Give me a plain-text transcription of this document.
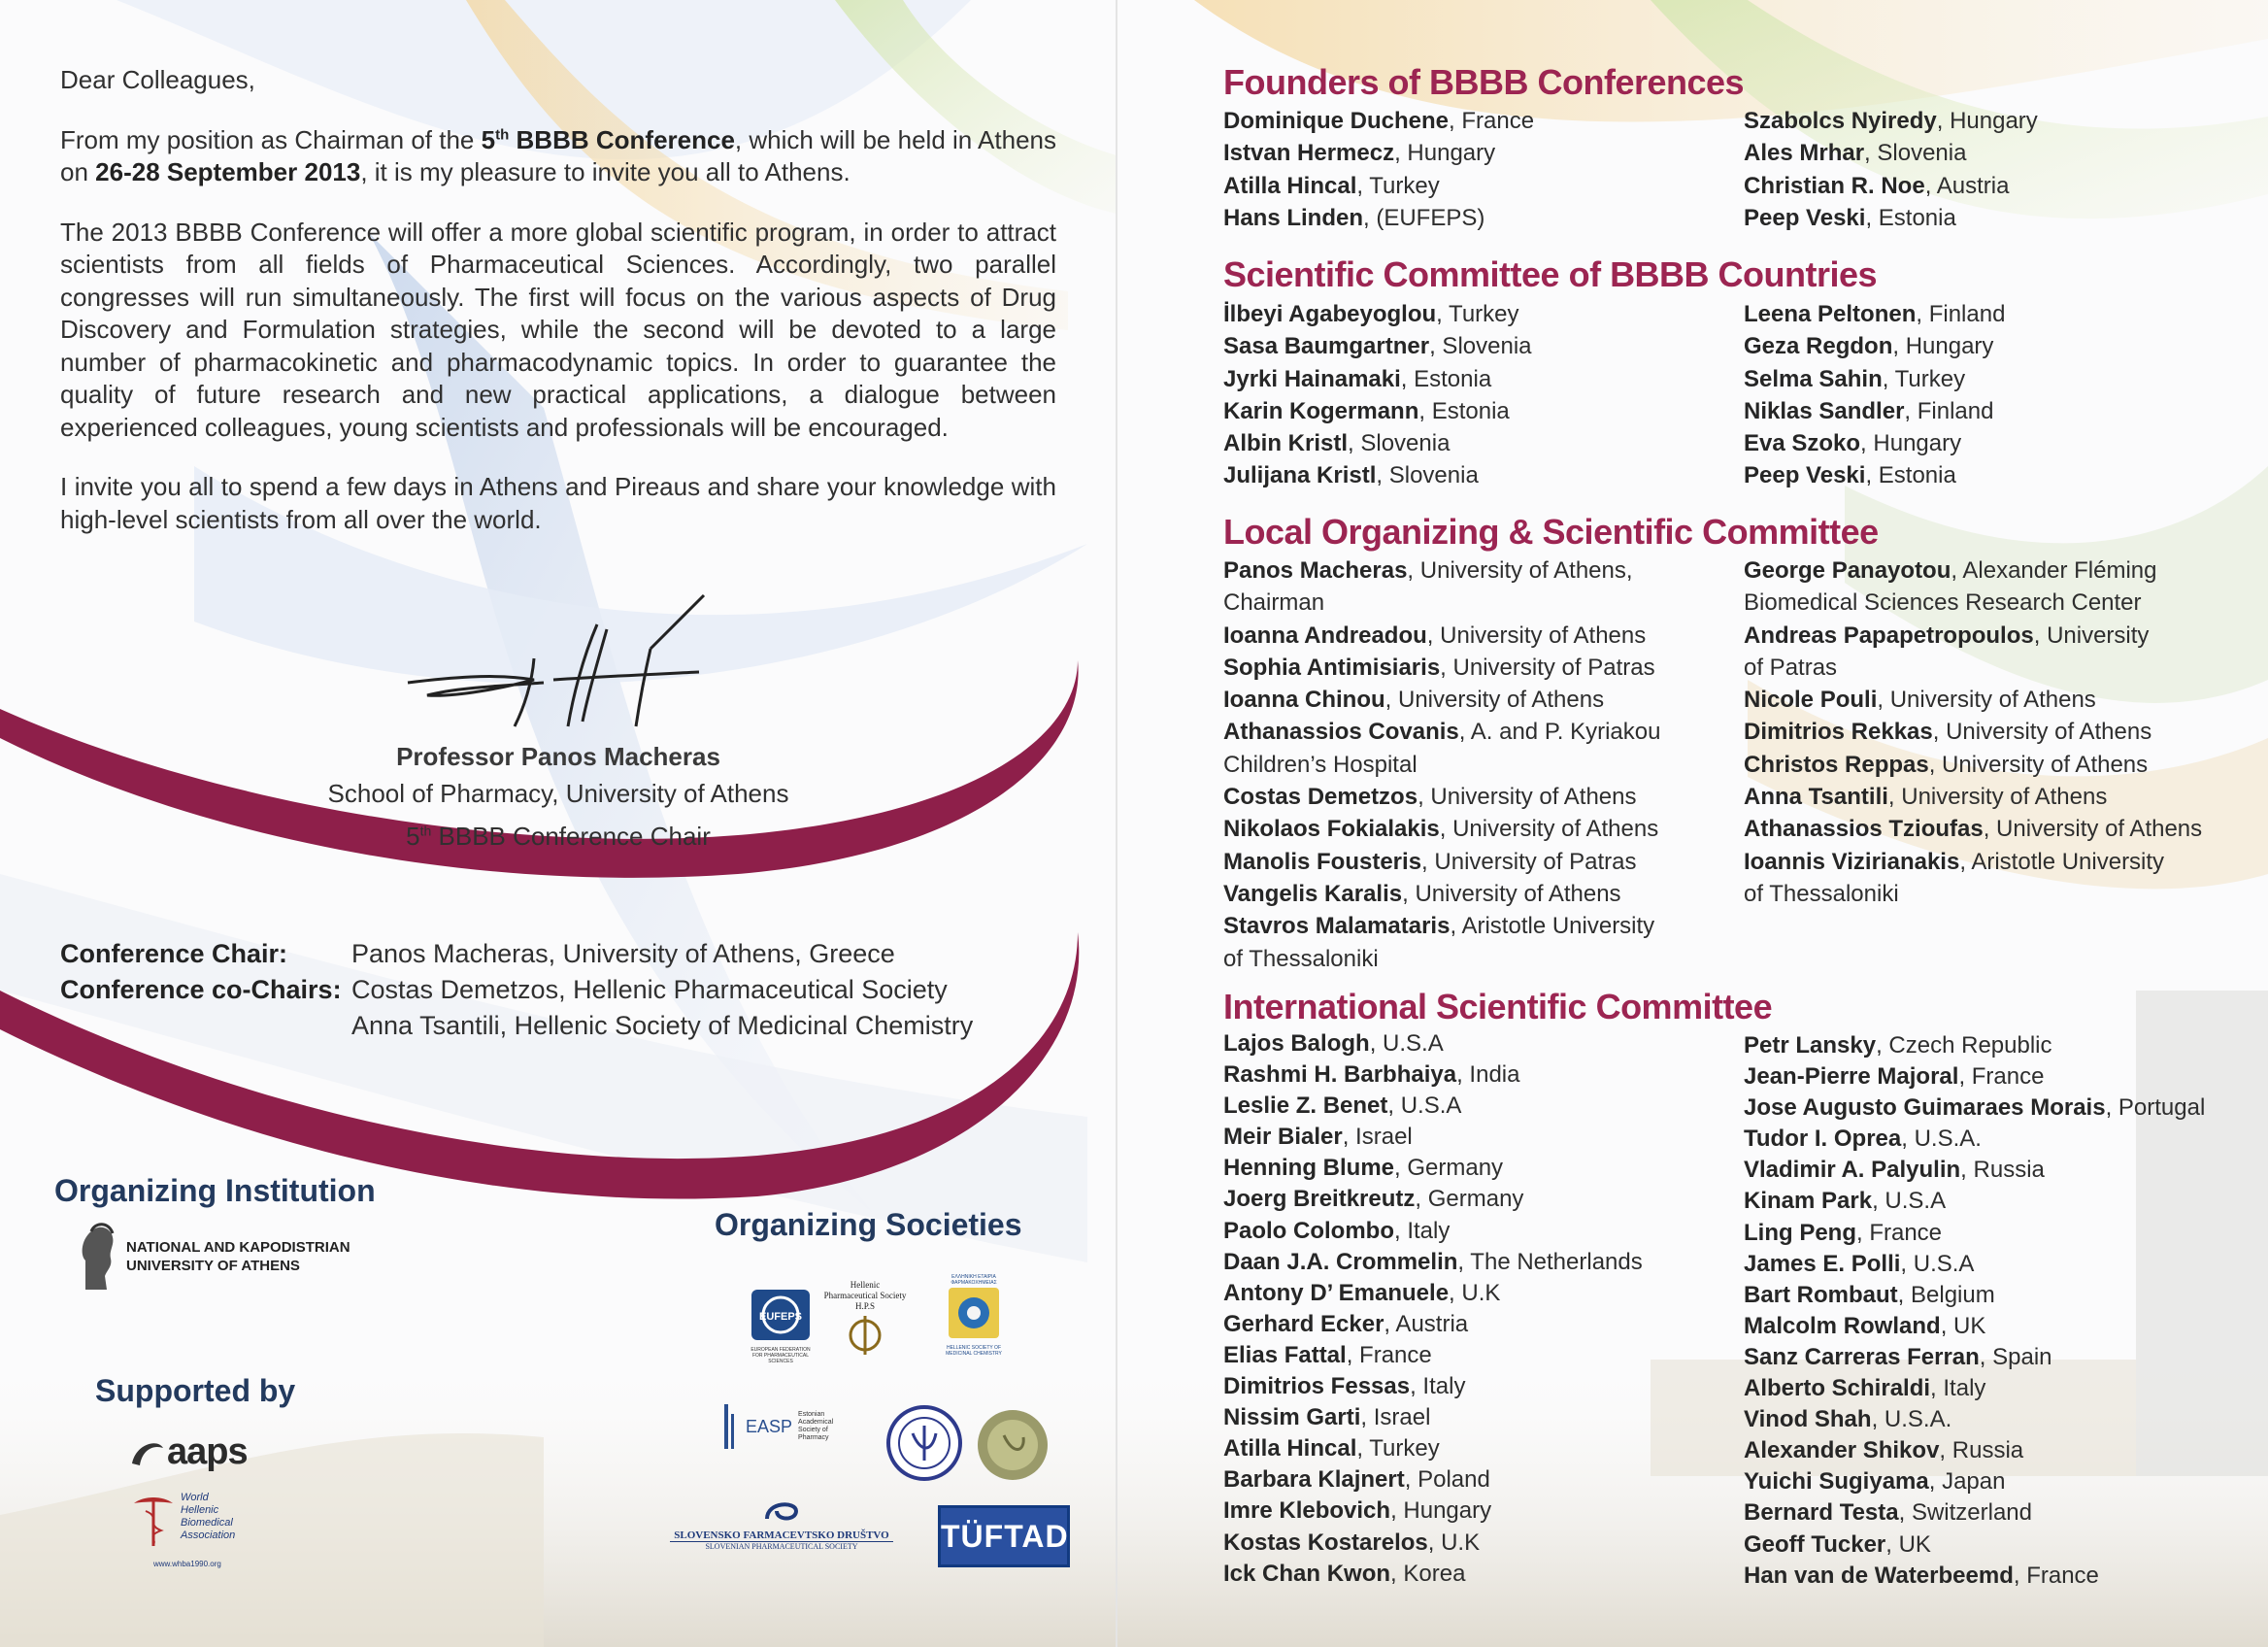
Dear Colleagues,

From my position as Chairman of the 5th BBBB Conference, which will be held in Athens on 26-28 September 2013, it is my pleasure to invite you all to Athens.

The 2013 BBBB Conference will offer a more global scientific program, in order to attract scientists from all fields of Pharmaceutical Sciences. Accordingly, two parallel congresses will run simultaneously. The first will focus on the various aspects of Drug Discovery and Formulation strategies, while the second will be devoted to a large number of pharmacokinetic and pharmacodynamic topics. In order to guarantee the quality of future research and new practical applications, a dialogue between experienced colleagues, young scientists and professionals will be encouraged.

I invite you all to spend a few days in Athens and Pireaus and share your knowledge with high-level scientists from all over the world.

Professor Panos Macheras
School of Pharmacy, University of Athens
5th BBBB Conference Chair
Conference Chair:	Panos Macheras, University of Athens, Greece
Conference co-Chairs: Costas Demetzos, Hellenic Pharmaceutical Society
Anna Tsantili, Hellenic Society of Medicinal Chemistry
Organizing Institution
NATIONAL AND KAPODISTRIAN
UNIVERSITY OF ATHENS
Organizing Societies
EUFEPS
EUROPEAN FEDERATION FOR PHARMACEUTICAL SCIENCES
Hellenic
Pharmaceutical Society
H.P.S
ΕΛΛΗΝΙΚΗ ΕΤΑΙΡΙΑ ΦΑΡΜΑΚΟΧΗΜΕΙΑΣ
HELLENIC SOCIETY OF MEDICINAL CHEMISTRY
EASP
Estonian Academical Society of Pharmacy
SLOVENSKO FARMACEVTSKO DRUŠTVO
SLOVENIAN PHARMACEUTICAL SOCIETY	TÜFTAD
Supported by
aaps
World
Hellenic
Biomedical
Association
www.whba1990.org
Founders of BBBB Conferences
Dominique Duchene, France
Istvan Hermecz, Hungary
Atilla Hincal, Turkey
Hans Linden, (EUFEPS)
Szabolcs Nyiredy, Hungary
Ales Mrhar, Slovenia
Christian R. Noe, Austria
Peep Veski, Estonia
Scientific Committee of BBBB Countries
İlbeyi Agabeyoglou, Turkey
Sasa Baumgartner, Slovenia
Jyrki Hainamaki, Estonia
Karin Kogermann, Estonia
Albin Kristl, Slovenia
Julijana Kristl, Slovenia
Leena Peltonen, Finland
Geza Regdon, Hungary
Selma Sahin, Turkey
Niklas Sandler, Finland
Eva Szoko, Hungary
Peep Veski, Estonia
Local Organizing & Scientific Committee
Panos Macheras, University of Athens,
Chairman
Ioanna Andreadou, University of Athens
Sophia Antimisiaris, University of Patras
Ioanna Chinou, University of Athens
Athanassios Covanis, A. and P. Kyriakou
Children’s Hospital
Costas Demetzos, University of Athens
Nikolaos Fokialakis, University of Athens
Manolis Fousteris, University of Patras
Vangelis Karalis, University of Athens
Stavros Malamataris, Aristotle University
of Thessaloniki
George Panayotou, Alexander Fléming
Biomedical Sciences Research Center
Andreas Papapetropoulos, University
of Patras
Nicole Pouli, University of Athens
Dimitrios Rekkas, University of Athens
Christos Reppas, University of Athens
Anna Tsantili, University of Athens
Athanassios Tzioufas, University of Athens
Ioannis Vizirianakis, Aristotle University
of Thessaloniki
International Scientific Committee
Lajos Balogh, U.S.A
Rashmi H. Barbhaiya, India
Leslie Z. Benet, U.S.A
Meir Bialer, Israel
Henning Blume, Germany
Joerg Breitkreutz, Germany
Paolo Colombo, Italy
Daan J.A. Crommelin, The Netherlands
Antony D’ Emanuele, U.K
Gerhard Ecker, Austria
Elias Fattal, France
Dimitrios Fessas, Italy
Nissim Garti, Israel
Atilla Hincal, Turkey
Barbara Klajnert, Poland
Imre Klebovich, Hungary
Kostas Kostarelos, U.K
Ick Chan Kwon, Korea
Petr Lansky, Czech Republic
Jean-Pierre Majoral, France
Jose Augusto Guimaraes Morais, Portugal
Tudor I. Oprea, U.S.A.
Vladimir A. Palyulin, Russia
Kinam Park, U.S.A
Ling Peng, France
James E. Polli, U.S.A
Bart Rombaut, Belgium
Malcolm Rowland, UK
Sanz Carreras Ferran, Spain
Alberto Schiraldi, Italy
Vinod Shah, U.S.A.
Alexander Shikov, Russia
Yuichi Sugiyama, Japan
Bernard Testa, Switzerland
Geoff Tucker, UK
Han van de Waterbeemd, France
